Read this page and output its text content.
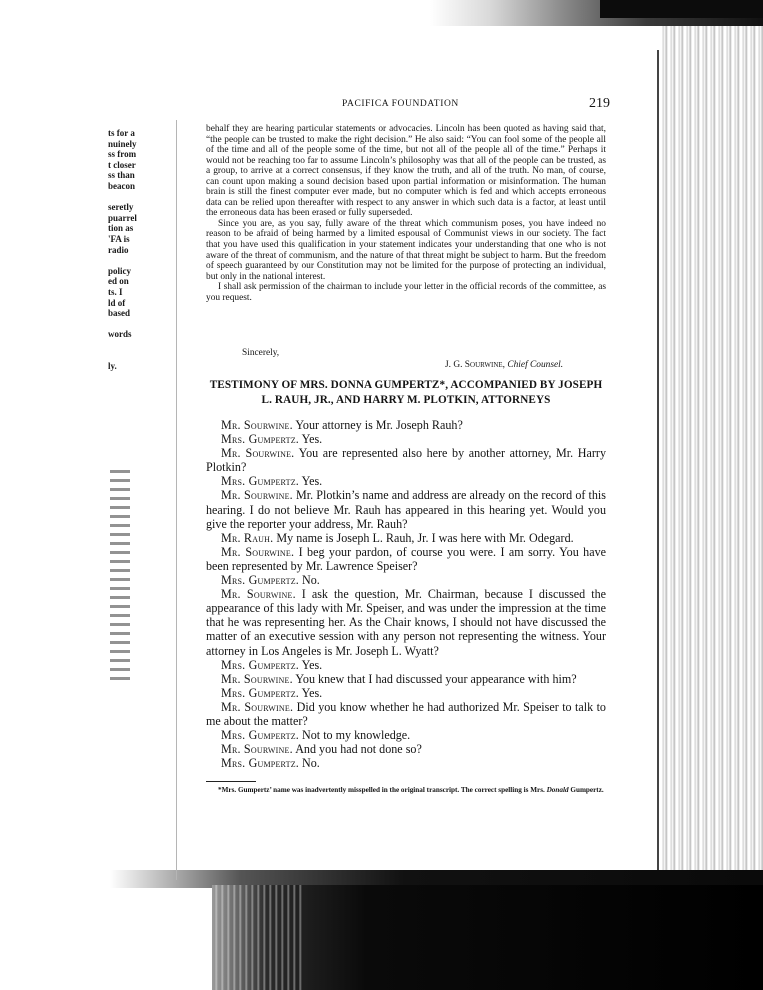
ts for a
nuinely
ss from
t closer
ss than
beacon
seretly
puarrel
tion as
'FA is
radio
policy
ed on
ts. I
ld of
based
words
ly.
PACIFICA FOUNDATION	219

behalf they are hearing particular statements or advocacies. Lincoln has been quoted as having said that, “the people can be trusted to make the right decision.” He also said: “You can fool some of the people all of the time and all of the people some of the time, but not all of the people all of the time.” Perhaps it would not be reaching too far to assume Lincoln’s philosophy was that all of the people can be trusted, as a group, to arrive at a correct consensus, if they know the truth, and all of the truth. No man, of course, can count upon making a sound decision based upon partial information or misinformation. The human brain is still the finest computer ever made, but no computer which is fed and which accepts erroneous data can be relied upon thereafter with respect to any answer in which such data is a factor, at least until the erroneous data has been erased or fully superseded.

Since you are, as you say, fully aware of the threat which communism poses, you have indeed no reason to be afraid of being harmed by a limited espousal of Communist views in our society. The fact that you have used this qualification in your statement indicates your understanding that one who is not aware of the threat of communism, and the nature of that threat might be subject to harm. But the freedom of speech guaranteed by our Constitution may not be limited for the purpose of protecting an individual, but only in the national interest.

I shall ask permission of the chairman to include your letter in the official records of the committee, as you request.

Sincerely,
J. G. Sourwine, Chief Counsel.
TESTIMONY OF MRS. DONNA GUMPERTZ*, ACCOMPANIED BY JOSEPH
L. RAUH, JR., AND HARRY M. PLOTKIN, ATTORNEYS

Mr. Sourwine. Your attorney is Mr. Joseph Rauh?

Mrs. Gumpertz. Yes.

Mr. Sourwine. You are represented also here by another attorney, Mr. Harry Plotkin?

Mrs. Gumpertz. Yes.

Mr. Sourwine. Mr. Plotkin’s name and address are already on the record of this hearing. I do not believe Mr. Rauh has appeared in this hearing yet. Would you give the reporter your address, Mr. Rauh?

Mr. Rauh. My name is Joseph L. Rauh, Jr. I was here with Mr. Odegard.

Mr. Sourwine. I beg your pardon, of course you were. I am sorry. You have been represented by Mr. Lawrence Speiser?

Mrs. Gumpertz. No.

Mr. Sourwine. I ask the question, Mr. Chairman, because I discussed the appearance of this lady with Mr. Speiser, and was under the impression at the time that he was representing her. As the Chair knows, I should not have discussed the matter of an executive session with any person not representing the witness. Your attorney in Los Angeles is Mr. Joseph L. Wyatt?

Mrs. Gumpertz. Yes.

Mr. Sourwine. You knew that I had discussed your appearance with him?

Mrs. Gumpertz. Yes.

Mr. Sourwine. Did you know whether he had authorized Mr. Speiser to talk to me about the matter?

Mrs. Gumpertz. Not to my knowledge.

Mr. Sourwine. And you had not done so?

Mrs. Gumpertz. No.

*Mrs. Gumpertz’ name was inadvertently misspelled in the original transcript. The correct spelling is Mrs. Donald Gumpertz.
